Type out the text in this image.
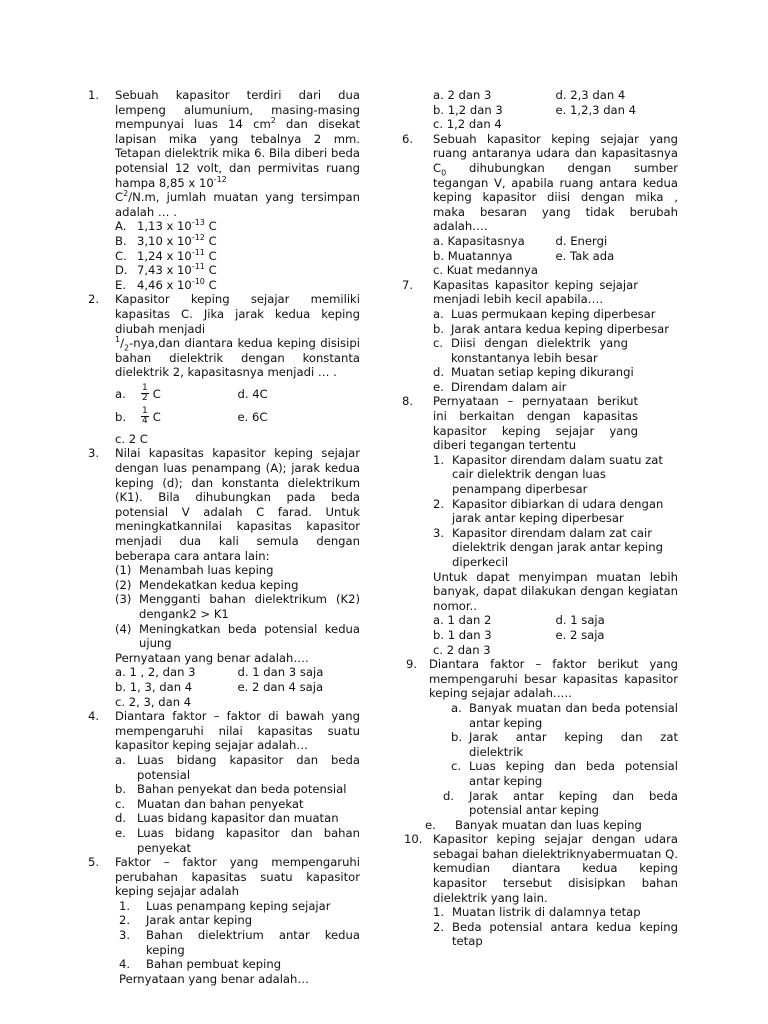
1.	Sebuah kapasitor terdiri dari dua lempeng alumunium, masing-masing mempunyai luas 14 $cm^2$ dan disekat lapisan mika yang tebalnya 2 mm. Tetapan dielektrik mika 6. Bila diberi beda potensial 12 volt, dan permivitas ruang hampa 8,85 x $10^{-12}$
$C^2/N.m$, jumlah muatan yang tersimpan adalah … .
A. 1,13 x $10^{-13}$ C
B. 3,10 x $10^{-12}$ C
C. 1,24 x $10^{-11}$ C
D. 7,43 x $10^{-11}$ C
E. 4,46 x $10^{-10}$ C
2.	Kapasitor keping sejajar memiliki kapasitas C. Jika jarak kedua keping diubah menjadi
$^1/_2-nya,dan$ diantara kedua keping disisipi bahan dielektrik dengan konstanta dielektrik 2, kapasitasnya menjadi … .
a.	$\frac{1}{2}$ C	d. 4C
b.	$\frac{1}{4}$ C	e. 6C
c. 2 C
3.	Nilai kapasitas kapasitor keping sejajar dengan luas penampang (A); jarak kedua keping (d); dan konstanta dielektrikum (K1). Bila dihubungkan pada beda potensial V adalah C farad. Untuk meningkatkannilai kapasitas kapasitor menjadi dua kali semula dengan beberapa cara antara lain:
(1) Menambah luas keping
(2) Mendekatkan kedua keping
(3) Mengganti bahan dielektrikum (K2) dengank2 > K1
(4) Meningkatkan beda potensial kedua ujung
Pernyataan yang benar adalah….
a. 1 , 2, dan 3	d. 1 dan 3 saja
b. 1, 3, dan 4	e. 2 dan 4 saja
c. 2, 3, dan 4
4.	Diantara faktor – faktor di bawah yang mempengaruhi nilai kapasitas suatu kapasitor keping sejajar adalah…
a. Luas bidang kapasitor dan beda potensial
b. Bahan penyekat dan beda potensial
c.	Muatan dan bahan penyekat
d. Luas bidang kapasitor dan muatan
e. Luas bidang kapasitor dan bahan penyekat
5.	Faktor – faktor yang mempengaruhi perubahan kapasitas suatu kapasitor keping sejajar adalah
1.	Luas penampang keping sejajar
2.	Jarak antar keping
3.	Bahan dielektrium antar kedua keping
4.	Bahan pembuat keping
Pernyataan yang benar adalah…
a. 2 dan 3	d. 2,3 dan 4
b. 1,2 dan 3	e. 1,2,3 dan 4
c. 1,2 dan 4
6.	Sebuah kapasitor keping sejajar yang ruang antaranya udara dan kapasitasnya $C_0$ dihubungkan dengan sumber tegangan V, apabila ruang antara kedua keping kapasitor diisi dengan mika , maka besaran yang tidak berubah adalah….
a. Kapasitasnya	d. Energi
b. Muatannya	e. Tak ada
c. Kuat medannya
7.	Kapasitas kapasitor keping sejajar menjadi lebih kecil apabila….
a. Luas permukaan keping diperbesar
b. Jarak antara kedua keping diperbesar
c. Diisi dengan dielektrik yang konstantanya lebih besar
d. Muatan setiap keping dikurangi
e. Direndam dalam air
8.	Pernyataan – pernyataan berikut ini berkaitan dengan kapasitas kapasitor keping sejajar yang diberi tegangan tertentu
1. Kapasitor direndam dalam suatu zat cair dielektrik dengan luas penampang diperbesar
2. Kapasitor dibiarkan di udara dengan jarak antar keping diperbesar
3. Kapasitor direndam dalam zat cair dielektrik dengan jarak antar keping diperkecil
Untuk dapat menyimpan muatan lebih banyak, dapat dilakukan dengan kegiatan nomor..
a. 1 dan 2	d. 1 saja
b. 1 dan 3	e. 2 saja
c. 2 dan 3
9.	Diantara faktor – faktor berikut yang mempengaruhi besar kapasitas kapasitor keping sejajar adalah…..
a. Banyak muatan dan beda potensial antar keping
b. Jarak antar keping dan zat dielektrik
c. Luas keping dan beda potensial antar keping
d.	Jarak antar keping dan beda potensial antar keping
e.	Banyak muatan dan luas keping
10. Kapasitor keping sejajar dengan udara sebagai bahan dielektriknyabermuatan Q. kemudian diantara kedua keping kapasitor tersebut disisipkan bahan dielektrik yang lain.
1. Muatan listrik di dalamnya tetap
2. Beda potensial antara kedua keping tetap
